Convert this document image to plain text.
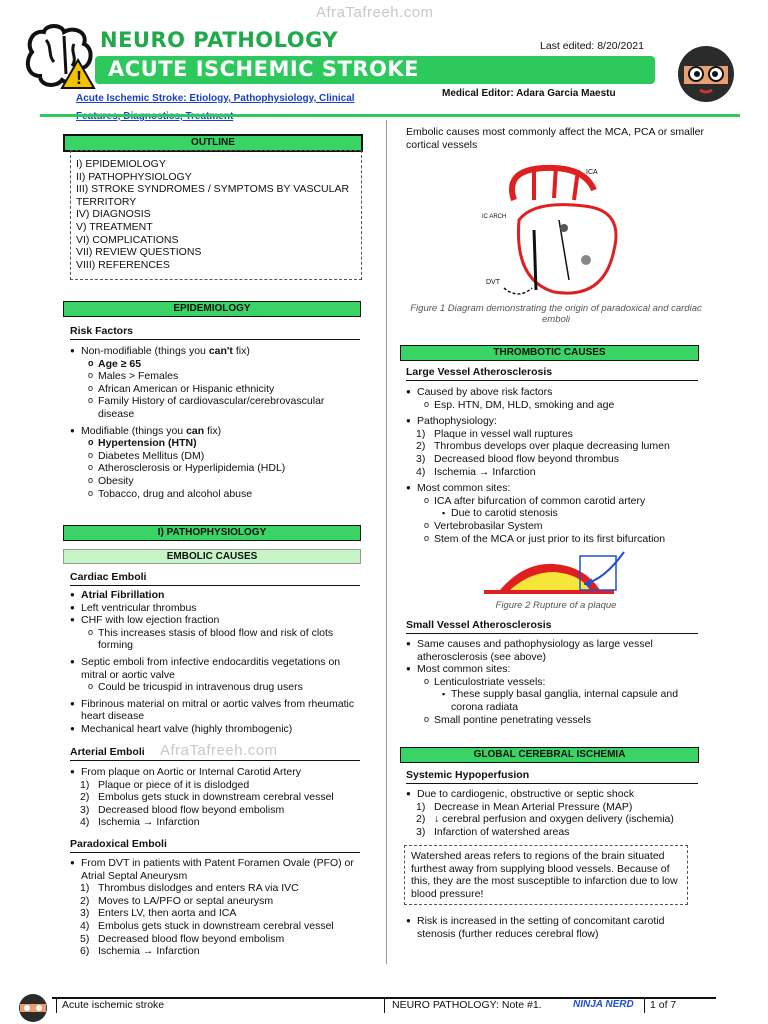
AfraTafreeh.com
!
NEURO PATHOLOGY
ACUTE ISCHEMIC STROKE
Last edited: 8/20/2021
Acute Ischemic Stroke: Etiology, Pathophysiology, Clinical	Medical Editor: Adara Garcia Maestu
OUTLINE
I) EPIDEMIOLOGY
II) PATHOPHYSIOLOGY
III) STROKE SYNDROMES / SYMPTOMS BY VASCULAR TERRITORY
IV) DIAGNOSIS
V) TREATMENT
VI) COMPLICATIONS
VII) REVIEW QUESTIONS
VIII) REFERENCES
EPIDEMIOLOGY
Risk Factors
● Non-modifiable (things you can't fix)
o Age ≥ 65
o Males > Females
o African American or Hispanic ethnicity
o Family History of cardiovascular/cerebrovascular disease
● Modifiable (things you can fix)
o Hypertension (HTN)
o Diabetes Mellitus (DM)
o Atherosclerosis or Hyperlipidemia (HDL)
o Obesity
o Tobacco, drug and alcohol abuse
I) PATHOPHYSIOLOGY
EMBOLIC CAUSES
Cardiac Emboli
● Atrial Fibrillation
● Left ventricular thrombus
● CHF with low ejection fraction
o This increases stasis of blood flow and risk of clots forming
● Septic emboli from infective endocarditis vegetations on mitral or aortic valve
o Could be tricuspid in intravenous drug users
● Fibrinous material on mitral or aortic valves from rheumatic heart disease
● Mechanical heart valve (highly thrombogenic)
Arterial Emboli	AfraTafreeh.com
● From plaque on Aortic or Internal Carotid Artery
1) Plaque or piece of it is dislodged
2) Embolus gets stuck in downstream cerebral vessel
3) Decreased blood flow beyond embolism
4) Ischemia → Infarction
Paradoxical Emboli
● From DVT in patients with Patent Foramen Ovale (PFO) or Atrial Septal Aneurysm
1) Thrombus dislodges and enters RA via IVC
2) Moves to LA/PFO or septal aneurysm
3) Enters LV, then aorta and ICA
4) Embolus gets stuck in downstream cerebral vessel
5) Decreased blood flow beyond embolism
6) Ischemia → Infarction
Embolic causes most commonly affect the MCA, PCA or smaller cortical vessels
ICA
IC ARCH
DVT
Figure 1 Diagram demonstrating the origin of paradoxical and cardiac emboli
THROMBOTIC CAUSES
Large Vessel Atherosclerosis
● Caused by above risk factors
o Esp. HTN, DM, HLD, smoking and age
● Pathophysiology:
1) Plaque in vessel wall ruptures
2) Thrombus develops over plaque decreasing lumen
3) Decreased blood flow beyond thrombus
4) Ischemia → Infarction
● Most common sites:
o ICA after bifurcation of common carotid artery
▪ Due to carotid stenosis
o Vertebrobasilar System
o Stem of the MCA or just prior to its first bifurcation
Figure 2 Rupture of a plaque
Small Vessel Atherosclerosis
● Same causes and pathophysiology as large vessel atherosclerosis (see above)
● Most common sites:
o Lenticulostriate vessels:
▪ These supply basal ganglia, internal capsule and corona radiata
o Small pontine penetrating vessels
GLOBAL CEREBRAL ISCHEMIA
Systemic Hypoperfusion
● Due to cardiogenic, obstructive or septic shock
1) Decrease in Mean Arterial Pressure (MAP)
2) ↓ cerebral perfusion and oxygen delivery (ischemia)
3) Infarction of watershed areas
Watershed areas refers to regions of the brain situated furthest away from supplying blood vessels. Because of this, they are the most susceptible to infarction due to low blood pressure!
● Risk is increased in the setting of concomitant carotid stenosis (further reduces cerebral flow)
Acute ischemic stroke	NEURO PATHOLOGY: Note #1.	NINJA NERD 1 of 7
